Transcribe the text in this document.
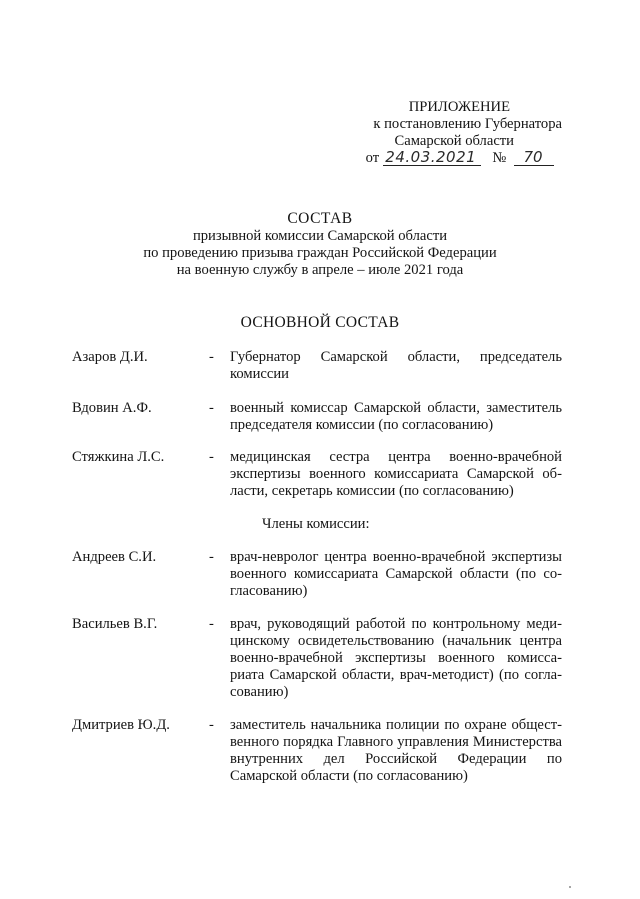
ПРИЛОЖЕНИЕ
к постановлению Губернатора
Самарской области
от 24.03.2021 № 70
СОСТАВ
призывной комиссии Самарской области
по проведению призыва граждан Российской Федерации
на военную службу в апреле – июле 2021 года
ОСНОВНОЙ СОСТАВ
Азаров Д.И.	- Губернатор Самарской области, председатель комиссии
Вдовин А.Ф.	- военный комиссар Самарской области, заместитель председателя комиссии (по согласованию)
Стяжкина Л.С.	- медицинская сестра центра военно-врачебной экспертизы военного комиссариата Самарской области, секретарь комиссии (по согласованию)
Члены комиссии:
Андреев С.И.	- врач-невролог центра военно-врачебной экспертизы военного комиссариата Самарской области (по согласованию)
Васильев В.Г.	- врач, руководящий работой по контрольному медицинскому освидетельствованию (начальник центра военно-врачебной экспертизы военного комиссариата Самарской области, врач-методист) (по согласованию)
Дмитриев Ю.Д.	- заместитель начальника полиции по охране общественного порядка Главного управления Министерства внутренних дел Российской Федерации по Самарской области (по согласованию)
